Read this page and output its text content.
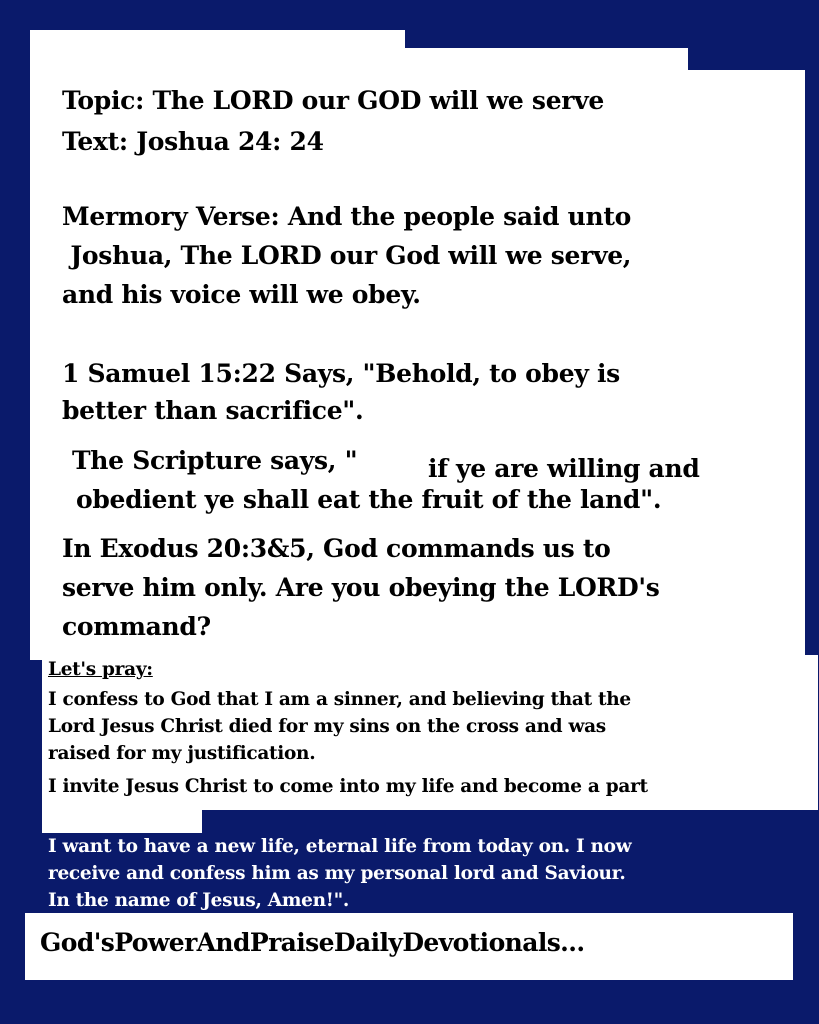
Topic: The LORD our GOD will we serve

Text: Joshua 24: 24

Mermory Verse: And the people said unto

Joshua, The LORD our God will we serve,

and his voice will we obey.

1 Samuel 15:22 Says, "Behold, to obey is

better than sacrifice".

The Scripture says, "	if ye are willing and

obedient ye shall eat the fruit of the land".

In Exodus 20:3&5, God commands us to

serve him only. Are you obeying the LORD's

command?

Let's pray:

I confess to God that I am a sinner, and believing that the

Lord Jesus Christ died for my sins on the cross and was

raised for my justification.

I invite Jesus Christ to come into my life and become a part

of it.

I want to have a new life, eternal life from today on. I now

receive and confess him as my personal lord and Saviour.

In the name of Jesus, Amen!".

God'sPowerAndPraiseDailyDevotionals...
